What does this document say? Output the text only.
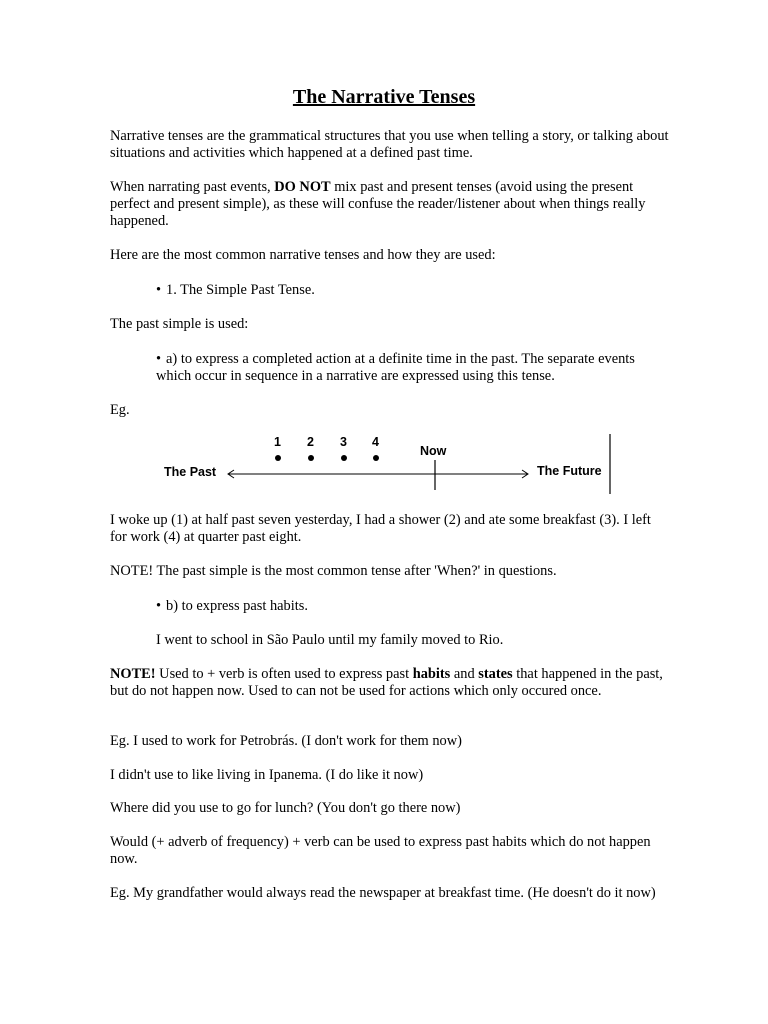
The Narrative Tenses

Narrative tenses are the grammatical structures that you use when telling a story, or talking about situations and activities which happened at a defined past time.

When narrating past events, DO NOT mix past and present tenses (avoid using the present perfect and present simple), as these will confuse the reader/listener about when things really happened.

Here are the most common narrative tenses and how they are used:

• 1. The Simple Past Tense.

The past simple is used:

• a) to express a completed action at a definite time in the past. The separate events which occur in sequence in a narrative are expressed using this tense.

Eg.

The Past	The Future
Now
1 2 3 4

I woke up (1) at half past seven yesterday, I had a shower (2) and ate some breakfast (3). I left for work (4) at quarter past eight.

NOTE! The past simple is the most common tense after 'When?' in questions.

• b) to express past habits.

I went to school in São Paulo until my family moved to Rio.

NOTE! Used to + verb is often used to express past habits and states that happened in the past, but do not happen now. Used to can not be used for actions which only occured once.

Eg. I used to work for Petrobrás. (I don't work for them now)

I didn't use to like living in Ipanema. (I do like it now)

Where did you use to go for lunch? (You don't go there now)

Would (+ adverb of frequency) + verb can be used to express past habits which do not happen now.

Eg. My grandfather would always read the newspaper at breakfast time. (He doesn't do it now)
